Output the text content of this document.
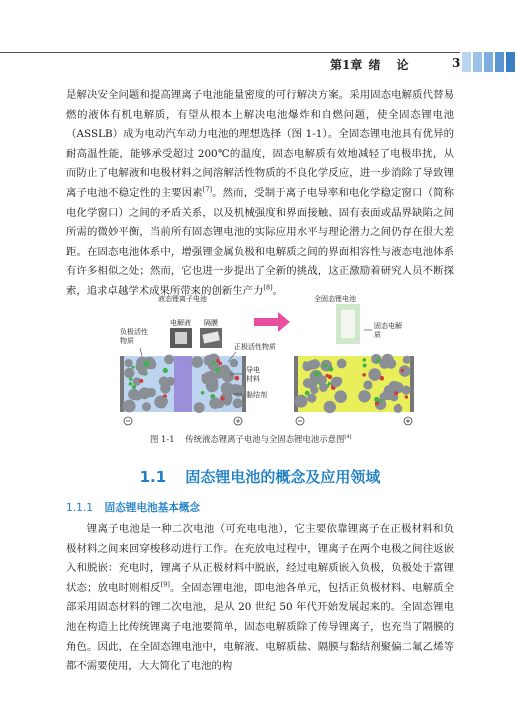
第1章 绪　论	3
是解决安全问题和提高锂离子电池能量密度的可行解决方案。采用固态电解质代替易燃的液体有机电解质，有望从根本上解决电池爆炸和自燃问题，使全固态锂电池（ASSLB）成为电动汽车动力电池的理想选择（图 1-1）。全固态锂电池具有优异的耐高温性能，能够承受超过 200℃的温度，固态电解质有效地减轻了电极串扰，从而防止了电解液和电极材料之间溶解活性物质的不良化学反应，进一步消除了导致锂离子电池不稳定性的主要因素[7]。然而，受制于离子电导率和电化学稳定窗口（简称电化学窗口）之间的矛盾关系，以及机械强度和界面接触、固有表面或晶界缺陷之间所需的微妙平衡，当前所有固态锂电池的实际应用水平与理论潜力之间仍存在很大差距。在固态电池体系中，增强锂金属负极和电解质之间的界面相容性与液态电池体系有许多相似之处；然而，它也进一步提出了全新的挑战，这正激励着研究人员不断探索，追求卓越学术成果所带来的创新生产力[8]。
液态锂离子电池	全固态锂电池
电解液 隔膜
负极活性物质
正极活性物质
导电材料
黏结剂
固态电解质
图 1-1 传统液态锂离子电池与全固态锂电池示意图[4]
1.1 固态锂电池的概念及应用领域
1.1.1 固态锂电池基本概念
锂离子电池是一种二次电池（可充电电池），它主要依靠锂离子在正极材料和负极材料之间来回穿梭移动进行工作。在充放电过程中，锂离子在两个电极之间往返嵌入和脱嵌：充电时，锂离子从正极材料中脱嵌，经过电解质嵌入负极，负极处于富锂状态；放电时则相反[9]。全固态锂电池，即电池各单元，包括正负极材料、电解质全部采用固态材料的锂二次电池，是从 20 世纪 50 年代开始发展起来的。全固态锂电池在构造上比传统锂离子电池要简单，固态电解质除了传导锂离子，也充当了隔膜的角色。因此，在全固态锂电池中，电解液、电解质盐、隔膜与黏结剂聚偏二氟乙烯等都不需要使用，大大简化了电池的构
